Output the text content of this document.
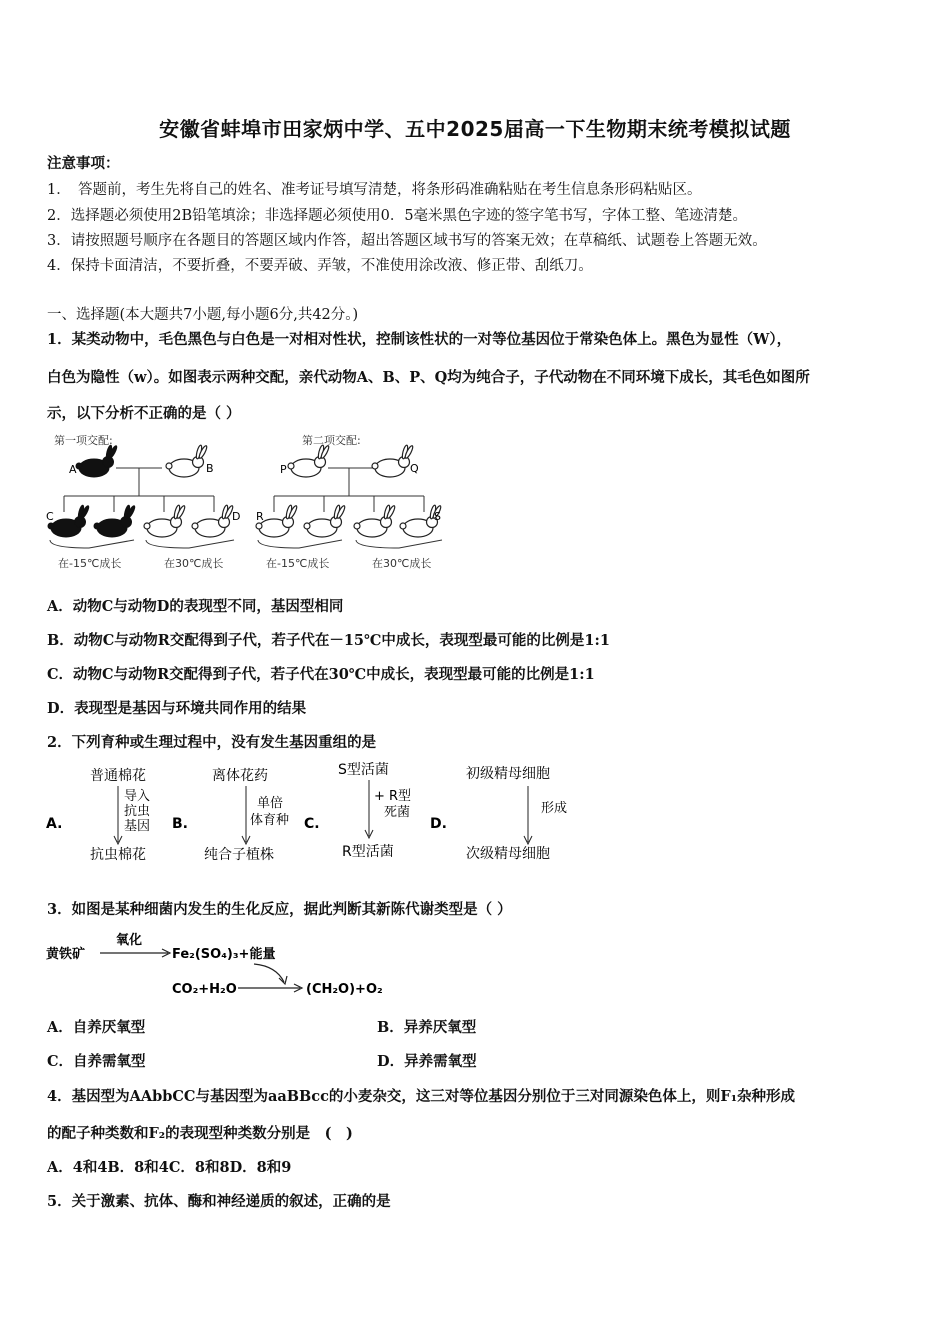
安徽省蚌埠市田家炳中学、五中2025届高一下生物期末统考模拟试题
注意事项：
1．　答题前，考生先将自己的姓名、准考证号填写清楚，将条形码准确粘贴在考生信息条形码粘贴区。
2．选择题必须使用2B铅笔填涂；非选择题必须使用0．5毫米黑色字迹的签字笔书写，字体工整、笔迹清楚。
3．请按照题号顺序在各题目的答题区域内作答，超出答题区域书写的答案无效；在草稿纸、试题卷上答题无效。
4．保持卡面清洁，不要折叠，不要弄破、弄皱，不准使用涂改液、修正带、刮纸刀。
一、选择题(本大题共7小题,每小题6分,共42分。)
1．某类动物中，毛色黑色与白色是一对相对性状，控制该性状的一对等位基因位于常染色体上。黑色为显性（W），
白色为隐性（w）。如图表示两种交配，亲代动物A、B、P、Q均为纯合子，子代动物在不同环境下成长，其毛色如图所
示，以下分析不正确的是（ ）
第一项交配:	第二项交配:
A	B
C	D
在-15℃成长	在30℃成长
P	Q
R	S
在-15℃成长	在30℃成长
A．动物C与动物D的表现型不同，基因型相同
B．动物C与动物R交配得到子代，若子代在－15℃中成长，表现型最可能的比例是1:1
C．动物C与动物R交配得到子代，若子代在30℃中成长，表现型最可能的比例是1:1
D．表现型是基因与环境共同作用的结果
2．下列育种或生理过程中，没有发生基因重组的是
A.
普通棉花
导入
抗虫
基因
抗虫棉花
B.
离体花药
单倍
体育种
纯合子植株
C.
S型活菌
+ R型
死菌
R型活菌
D.
初级精母细胞
形成
次级精母细胞
3．如图是某种细菌内发生的生化反应，据此判断其新陈代谢类型是（ ）
黄铁矿
氧化
Fe₂(SO₄)₃+能量
CO₂+H₂O	(CH₂O)+O₂
A．自养厌氧型	B．异养厌氧型
C．自养需氧型	D．异养需氧型
4．基因型为AAbbCC与基因型为aaBBcc的小麦杂交，这三对等位基因分别位于三对同源染色体上，则F₁杂种形成
的配子种类数和F₂的表现型种类数分别是　(　)
A．4和4B．8和4C．8和8D．8和9
5．关于激素、抗体、酶和神经递质的叙述，正确的是
